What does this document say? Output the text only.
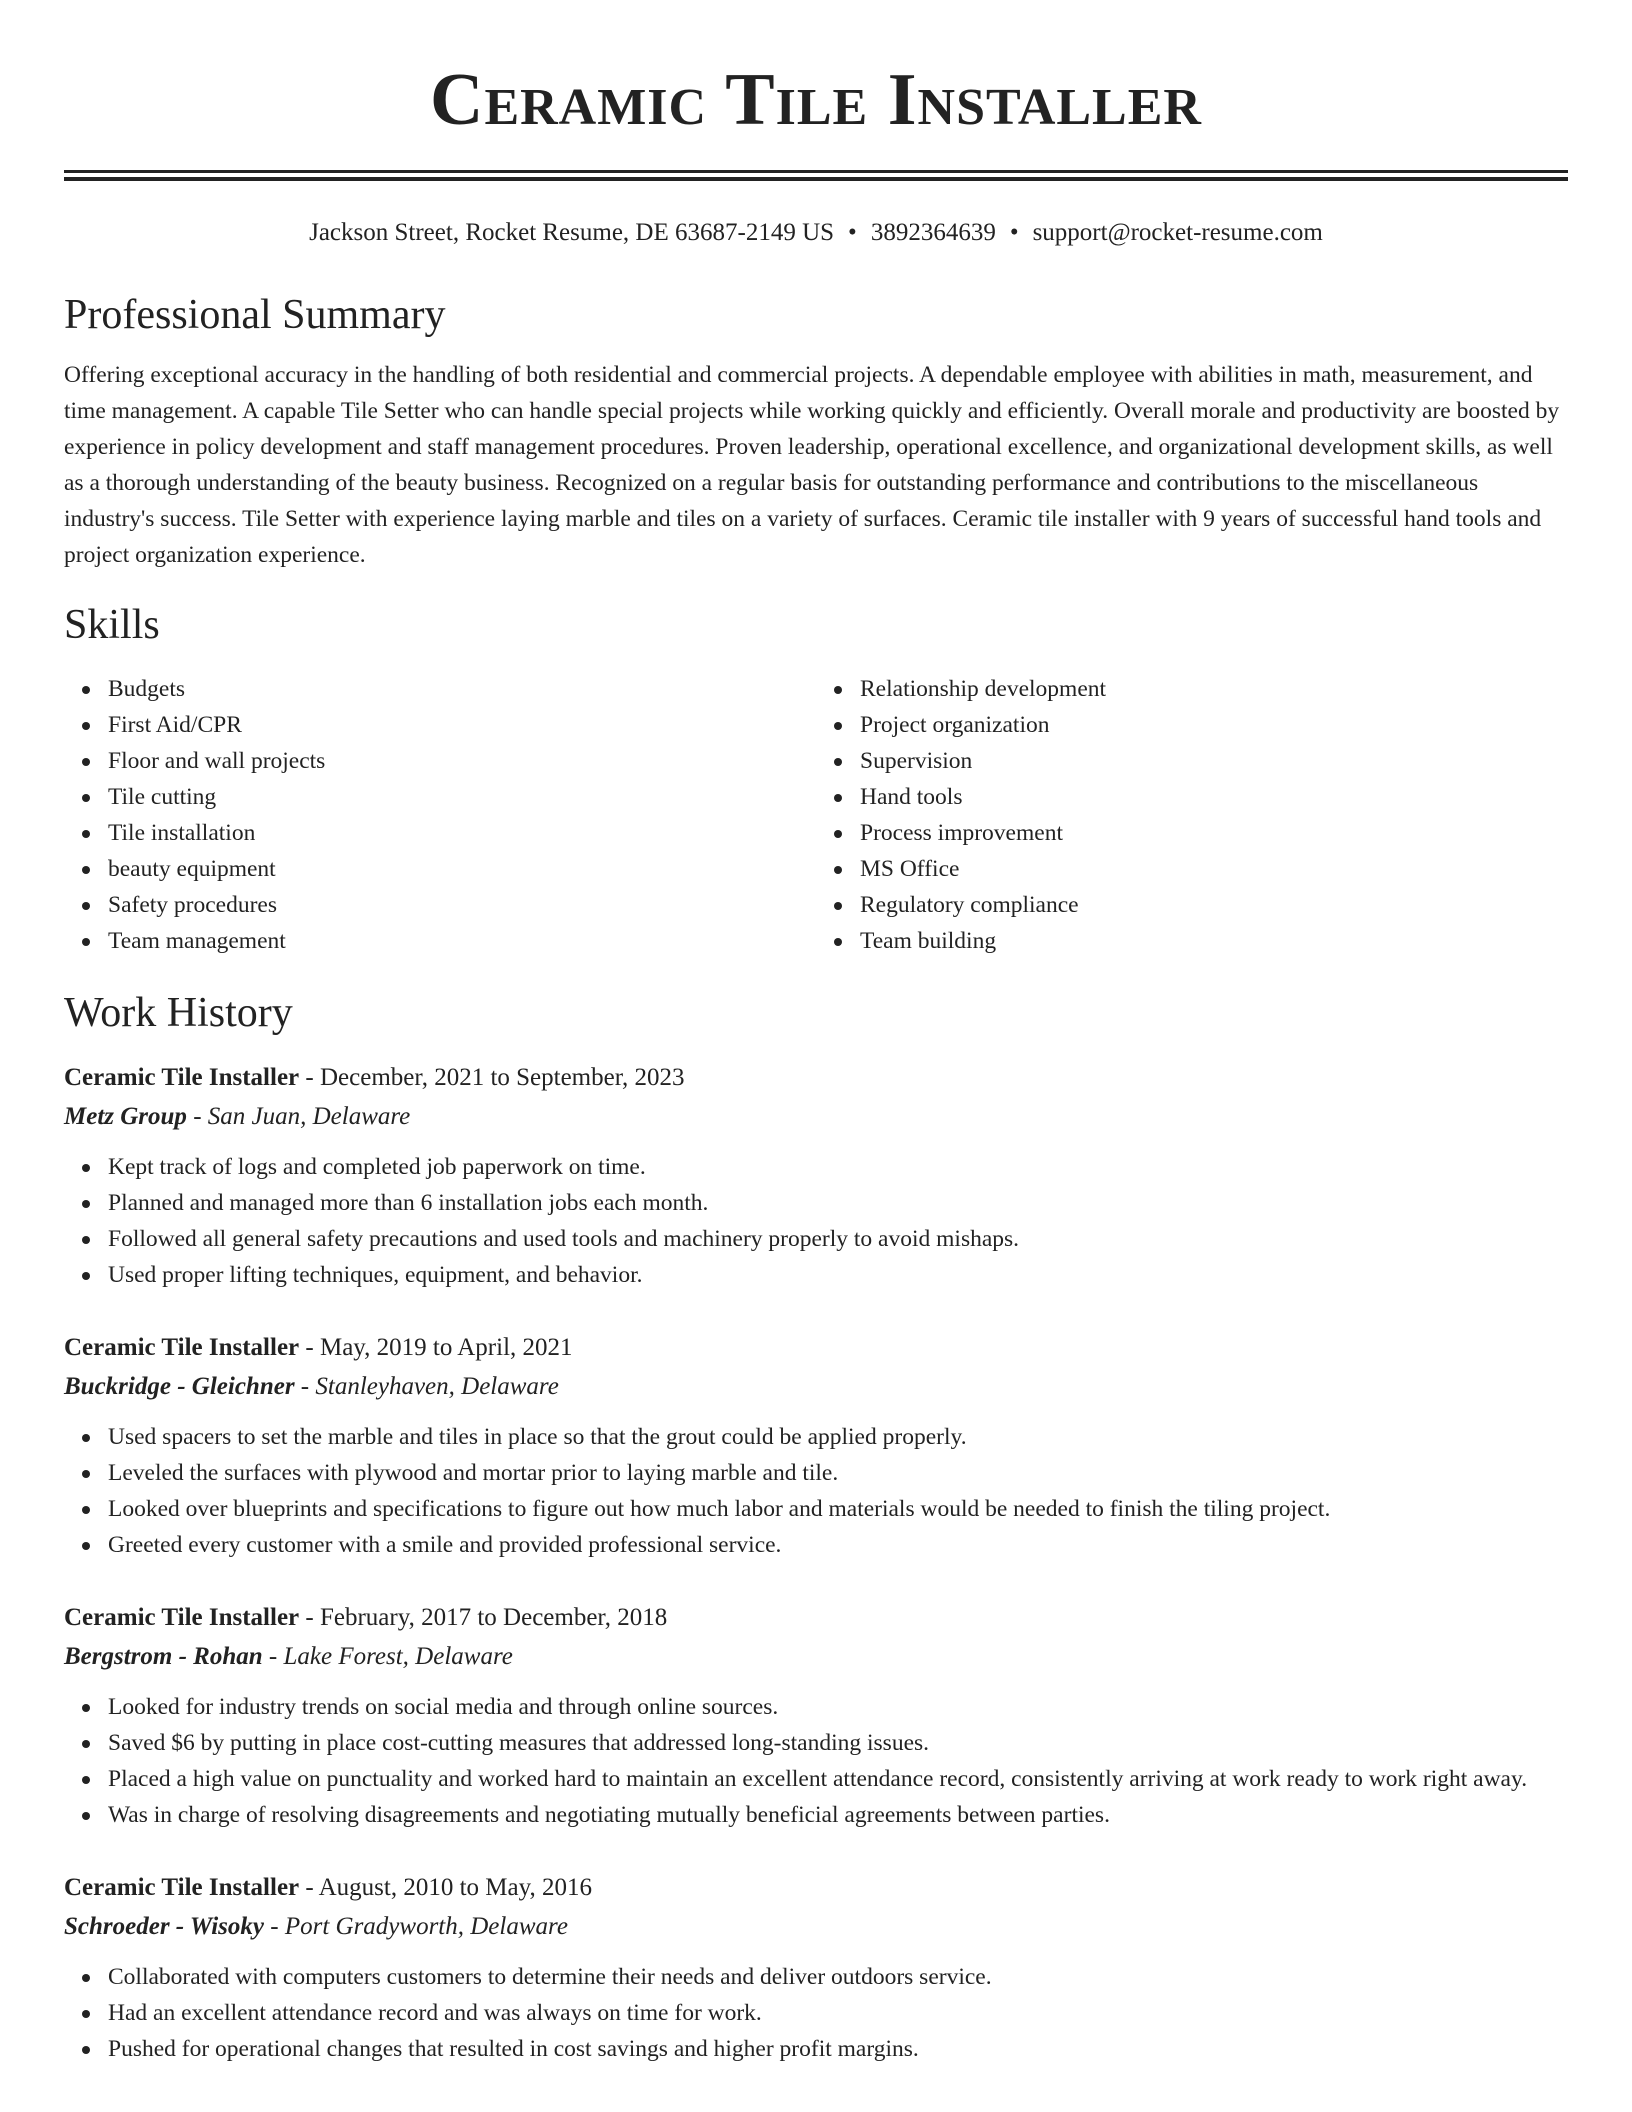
Ceramic Tile Installer
Jackson Street, Rocket Resume, DE 63687-2149 US • 3892364639 • support@rocket-resume.com
Professional Summary

Offering exceptional accuracy in the handling of both residential and commercial projects. A dependable employee with abilities in math, measurement, and time management. A capable Tile Setter who can handle special projects while working quickly and efficiently. Overall morale and productivity are boosted by experience in policy development and staff management procedures. Proven leadership, operational excellence, and organizational development skills, as well as a thorough understanding of the beauty business. Recognized on a regular basis for outstanding performance and contributions to the miscellaneous industry's success. Tile Setter with experience laying marble and tiles on a variety of surfaces. Ceramic tile installer with 9 years of successful hand tools and project organization experience.

Skills
Budgets
First Aid/CPR
Floor and wall projects
Tile cutting
Tile installation
beauty equipment
Safety procedures
Team management
Relationship development
Project organization
Supervision
Hand tools
Process improvement
MS Office
Regulatory compliance
Team building
Work History
Ceramic Tile Installer - December, 2021 to September, 2023
Metz Group - San Juan, Delaware
Kept track of logs and completed job paperwork on time.
Planned and managed more than 6 installation jobs each month.
Followed all general safety precautions and used tools and machinery properly to avoid mishaps.
Used proper lifting techniques, equipment, and behavior.
Ceramic Tile Installer - May, 2019 to April, 2021
Buckridge - Gleichner - Stanleyhaven, Delaware
Used spacers to set the marble and tiles in place so that the grout could be applied properly.
Leveled the surfaces with plywood and mortar prior to laying marble and tile.
Looked over blueprints and specifications to figure out how much labor and materials would be needed to finish the tiling project.
Greeted every customer with a smile and provided professional service.
Ceramic Tile Installer - February, 2017 to December, 2018
Bergstrom - Rohan - Lake Forest, Delaware
Looked for industry trends on social media and through online sources.
Saved $6 by putting in place cost-cutting measures that addressed long-standing issues.
Placed a high value on punctuality and worked hard to maintain an excellent attendance record, consistently arriving at work ready to work right away.
Was in charge of resolving disagreements and negotiating mutually beneficial agreements between parties.
Ceramic Tile Installer - August, 2010 to May, 2016
Schroeder - Wisoky - Port Gradyworth, Delaware
Collaborated with computers customers to determine their needs and deliver outdoors service.
Had an excellent attendance record and was always on time for work.
Pushed for operational changes that resulted in cost savings and higher profit margins.
